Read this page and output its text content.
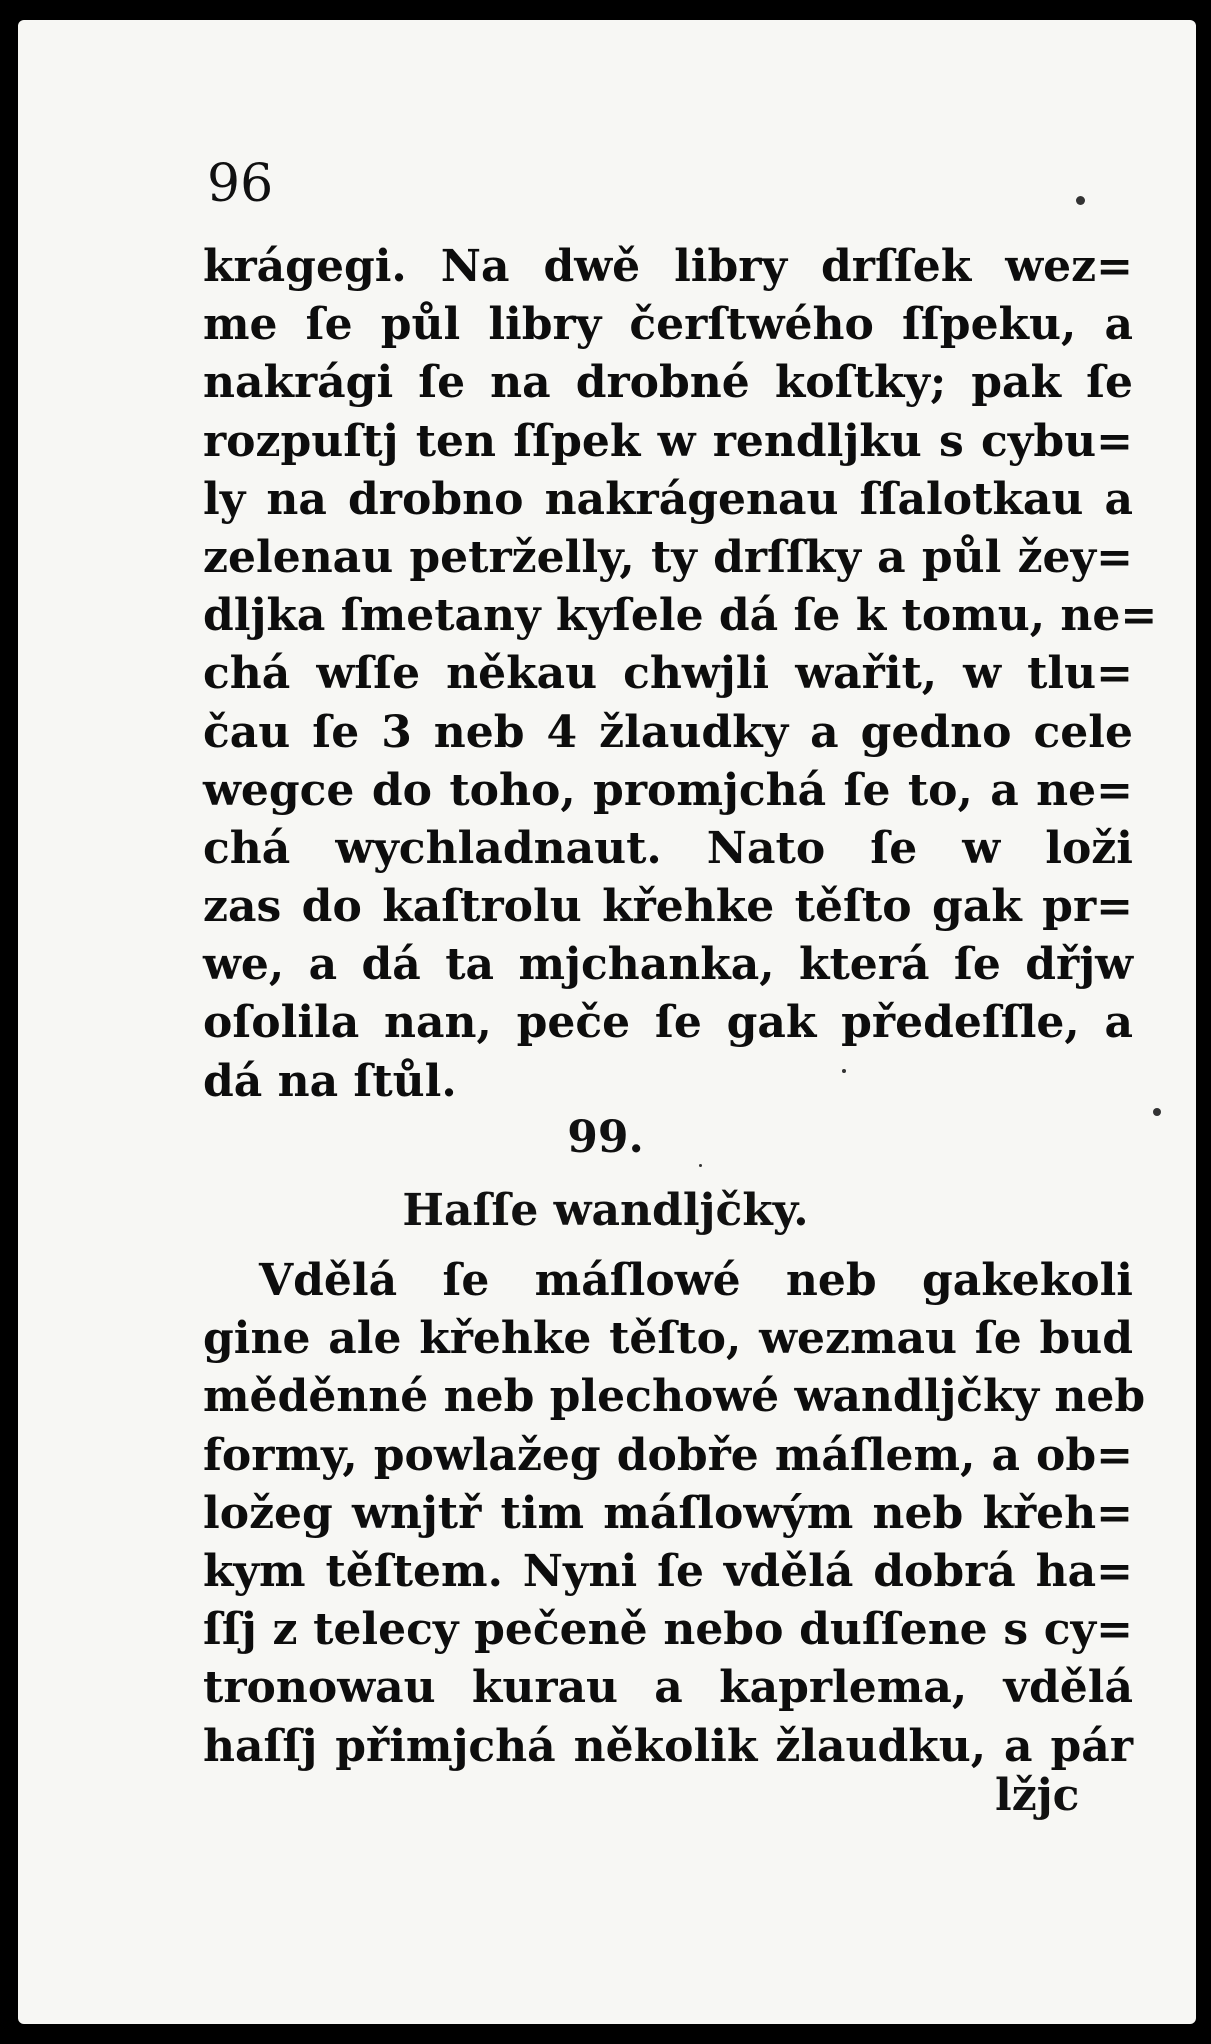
96
krágegi. Na dwě libry drſſek wez=
me ſe půl libry čerſtwého ſſpeku, a
nakrági ſe na drobné koſtky; pak ſe
rozpuſtj ten ſſpek w rendljku s cybu=
ly na drobno nakrágenau ſſalotkau a
zelenau petrželly, ty drſſky a půl žey=
dljka ſmetany kyſele dá ſe k tomu, ne=
chá wſſe někau chwjli wařit, w tlu=
čau ſe 3 neb 4 žlaudky a gedno cele
wegce do toho, promjchá ſe to, a ne=
chá wychladnaut. Nato ſe w loži
zas do kaſtrolu křehke těſto gak pr=
we, a dá ta mjchanka, která ſe dřjw
oſolila nan, peče ſe gak předeſſle, a
dá na ſtůl.
99.
Haſſe wandljčky.
Vdělá ſe máſlowé neb gakekoli
gine ale křehke těſto, wezmau ſe bud
měděnné neb plechowé wandljčky neb
formy, powlažeg dobře máſlem, a ob=
ložeg wnjtř tim máſlowým neb křeh=
kym těſtem. Nyni ſe vdělá dobrá ha=
ſſj z telecy pečeně nebo duſſene s cy=
tronowau kurau a kaprlema, vdělá
haſſj přimjchá několik žlaudku, a pár
lžjc
